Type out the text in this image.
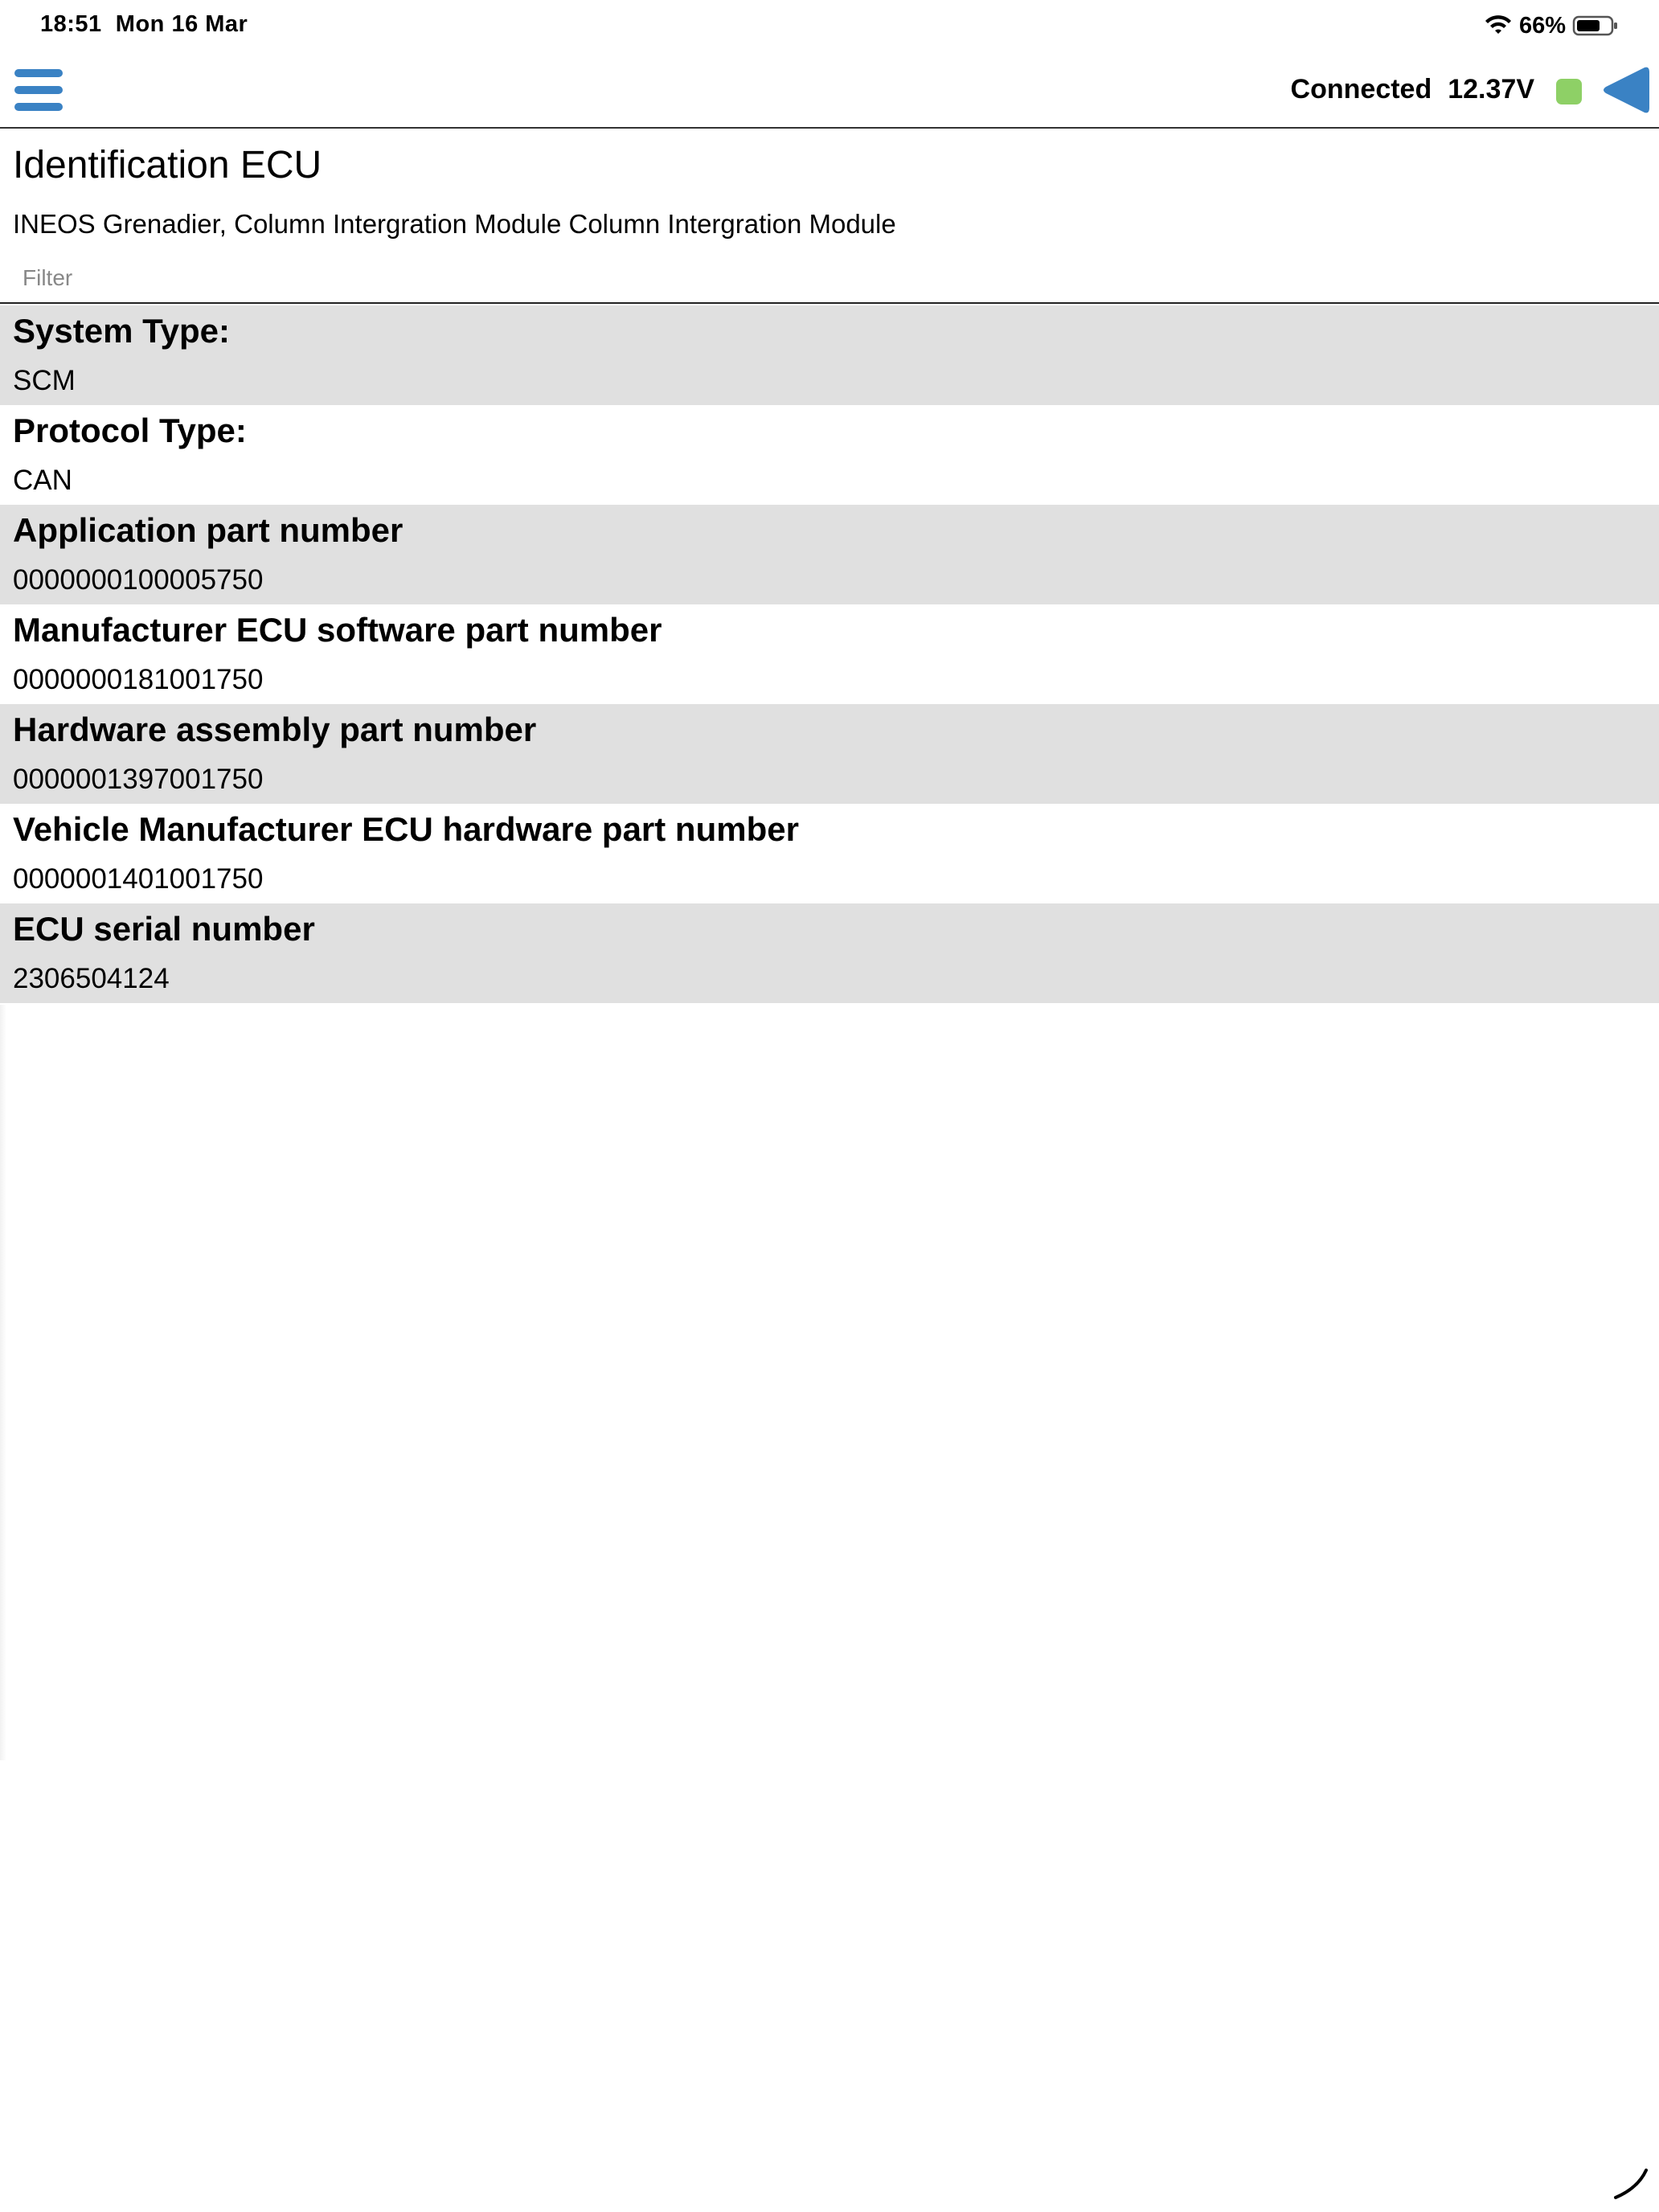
18:51 Mon 16 Mar	66%
Connected 12.37V
Identification ECU
INEOS Grenadier, Column Intergration Module Column Intergration Module
Filter
System Type:
SCM
Protocol Type:
CAN
Application part number
0000000100005750
Manufacturer ECU software part number
0000000181001750
Hardware assembly part number
0000001397001750
Vehicle Manufacturer ECU hardware part number
0000001401001750
ECU serial number
2306504124
